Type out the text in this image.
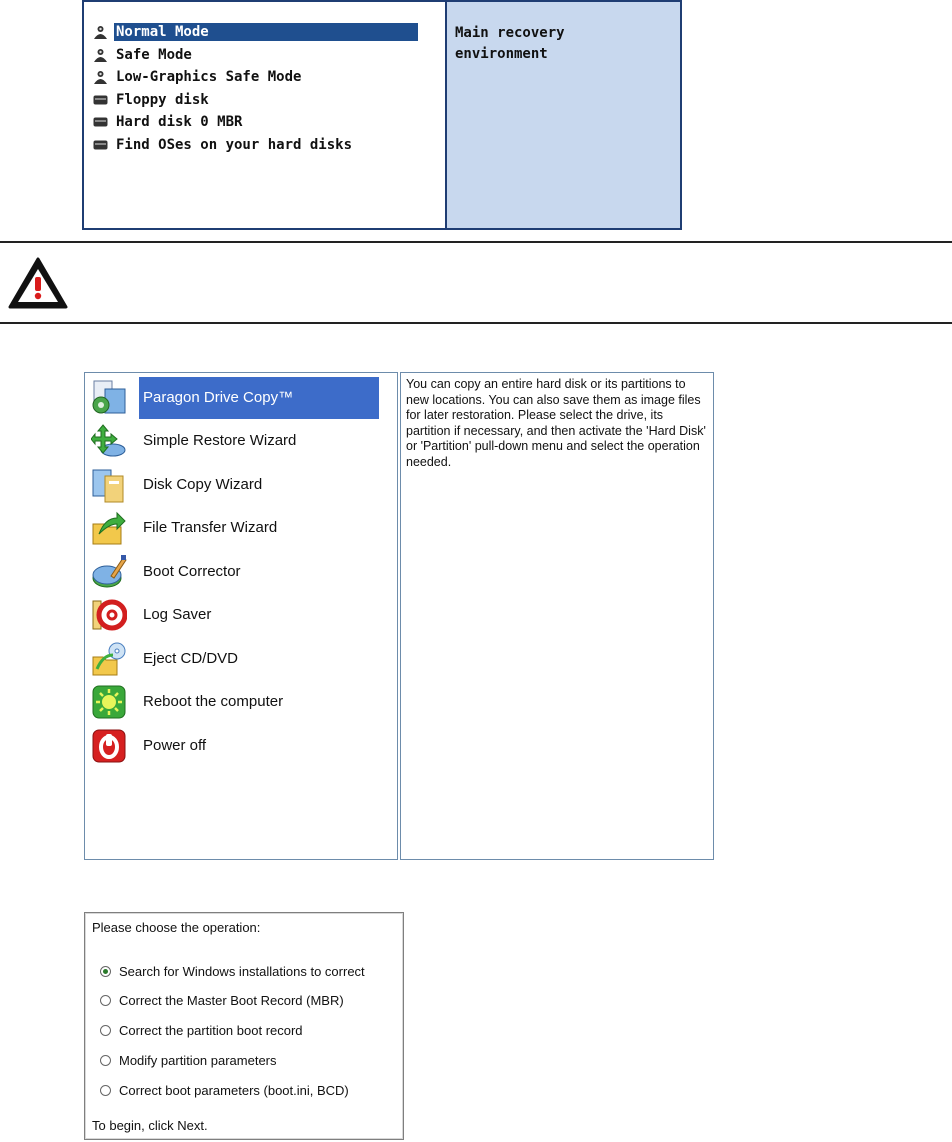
Normal Mode
Safe Mode
Low-Graphics Safe Mode
Floppy disk
Hard disk 0 MBR
Find OSes on your hard disks
Main recovery
environment
Paragon Drive Copy™
Simple Restore Wizard
Disk Copy Wizard
File Transfer Wizard
Boot Corrector
Log Saver
Eject CD/DVD
Reboot the computer
Power off
You can copy an entire hard disk or its partitions to new locations. You can also save them as image files for later restoration. Please select the drive, its partition if necessary, and then activate the 'Hard Disk' or 'Partition' pull-down menu and select the operation needed.
Please choose the operation:
Search for Windows installations to correct
Correct the Master Boot Record (MBR)
Correct the partition boot record
Modify partition parameters
Correct boot parameters (boot.ini, BCD)
To begin, click Next.
